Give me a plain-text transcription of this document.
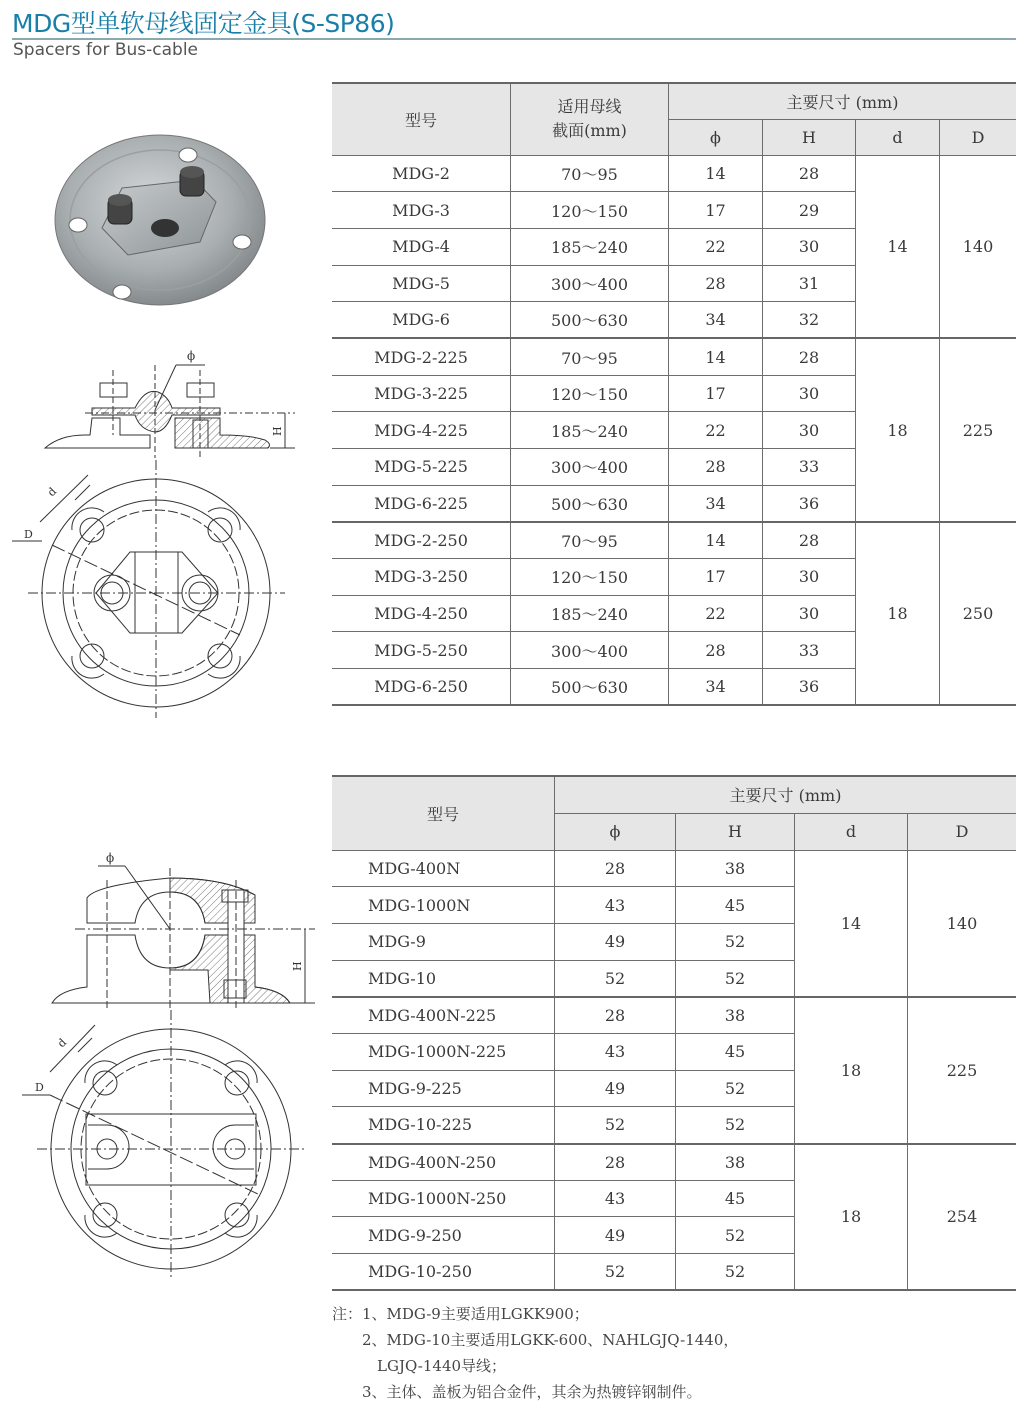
MDG型单软母线固定金具(S-SP86)
Spacers for Bus-cable
ϕ
H
d
D
型号	适用母线
截面(mm)	主要尺寸 (mm)			
		ϕ	H	d	D
MDG-2	70～95	14	28	14	140
MDG-3	120～150	17	29		
MDG-4	185～240	22	30		
MDG-5	300～400	28	31		
MDG-6	500～630	34	32		
MDG-2-225	70～95	14	28	18	225
MDG-3-225	120～150	17	30		
MDG-4-225	185～240	22	30		
MDG-5-225	300～400	28	33		
MDG-6-225	500～630	34	36		
MDG-2-250	70～95	14	28	18	250
MDG-3-250	120～150	17	30		
MDG-4-250	185～240	22	30		
MDG-5-250	300～400	28	33		
MDG-6-250	500～630	34	36		
ϕ
H
d
D
型号	主要尺寸 (mm)			
	ϕ	H	d	D
MDG-400N	28	38	14	140
MDG-1000N	43	45		
MDG-9	49	52		
MDG-10	52	52		
MDG-400N-225	28	38	18	225
MDG-1000N-225	43	45		
MDG-9-225	49	52		
MDG-10-225	52	52		
MDG-400N-250	28	38	18	254
MDG-1000N-250	43	45		
MDG-9-250	49	52		
MDG-10-250	52	52		
注：1、MDG-9主要适用LGKK900；
　　2、MDG-10主要适用LGKK-600、NAHLGJQ-1440，
　　　LGJQ-1440导线；
　　3、主体、盖板为铝合金件，其余为热镀锌钢制件。
